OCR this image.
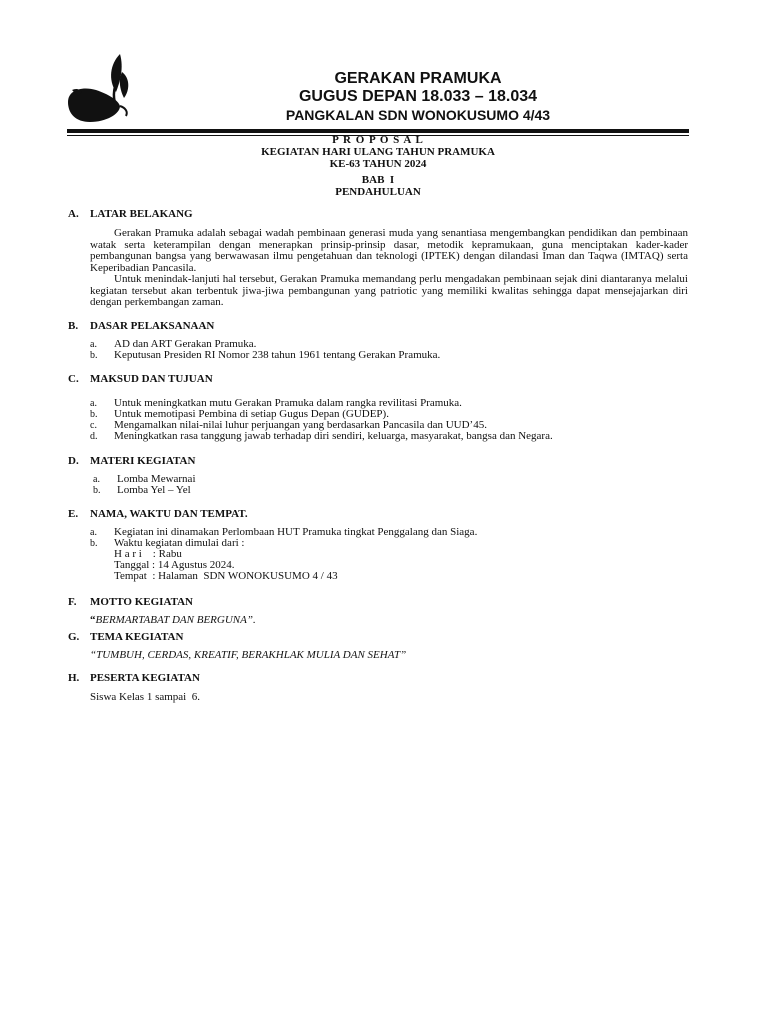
GERAKAN PRAMUKA
GUGUS DEPAN 18.033 – 18.034
PANGKALAN SDN WONOKUSUMO 4/43
P R O P O S A L
KEGIATAN HARI ULANG TAHUN PRAMUKA
KE-63 TAHUN 2024
BAB  I
PENDAHULUAN
A. LATAR BELAKANG

Gerakan Pramuka adalah sebagai wadah pembinaan generasi muda yang senantiasa mengembangkan pendidikan dan pembinaan watak serta keterampilan dengan menerapkan prinsip-prinsip dasar, metodik kepramukaan, guna menciptakan kader-kader pembangunan bangsa yang berwawasan ilmu pengetahuan dan teknologi (IPTEK) dengan dilandasi Iman dan Taqwa (IMTAQ) serta Keperibadian Pancasila.

Untuk menindak-lanjuti hal tersebut, Gerakan Pramuka memandang perlu mengadakan pembinaan sejak dini diantaranya melalui kegiatan tersebut akan terbentuk jiwa-jiwa pembangunan yang patriotic yang memiliki kwalitas sehingga dapat mensejajarkan diri dengan perkembangan zaman.

B. DASAR PELAKSANAAN
a. AD dan ART Gerakan Pramuka.
b. Keputusan Presiden RI Nomor 238 tahun 1961 tentang Gerakan Pramuka.
C. MAKSUD DAN TUJUAN
a. Untuk meningkatkan mutu Gerakan Pramuka dalam rangka revilitasi Pramuka.
b. Untuk memotipasi Pembina di setiap Gugus Depan (GUDEP).
c. Mengamalkan nilai-nilai luhur perjuangan yang berdasarkan Pancasila dan UUD’45.
d. Meningkatkan rasa tanggung jawab terhadap diri sendiri, keluarga, masyarakat, bangsa dan Negara.
D. MATERI KEGIATAN
a. Lomba Mewarnai
b. Lomba Yel – Yel
E. NAMA, WAKTU DAN TEMPAT.
a. Kegiatan ini dinamakan Perlombaan HUT Pramuka tingkat Penggalang dan Siaga.
b. Waktu kegiatan dimulai dari :
H a r i    : Rabu
Tanggal : 14 Agustus 2024.
Tempat  : Halaman  SDN WONOKUSUMO 4 / 43
F. MOTTO KEGIATAN
“BERMARTABAT DAN BERGUNA”.
G. TEMA KEGIATAN
“TUMBUH, CERDAS, KREATIF, BERAKHLAK MULIA DAN SEHAT”
H. PESERTA KEGIATAN
Siswa Kelas 1 sampai  6.
